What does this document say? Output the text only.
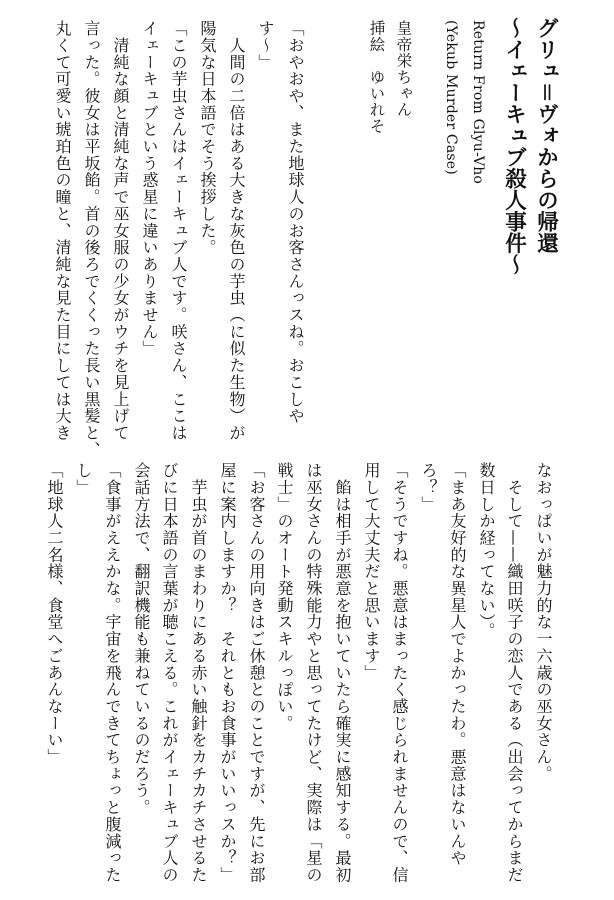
グリュ＝ヴォからの帰還
～イェーキュブ殺人事件～
Return From Glyu-Vho
(Yekub Murder Case)
皇帝栄ちゃん
挿絵　ゆいれそ
「おやおや、また地球人のお客さんっスね。おこしや
す～」
　人間の二倍はある大きな灰色の芋虫（に似た生物）が
陽気な日本語でそう挨拶した。
「この芋虫さんはイェーキュブ人です。咲さん、ここは
イェーキュブという惑星に違いありません」
　清純な顔と清純な声で巫女服の少女がウチを見上げて
言った。彼女は平坂餡。首の後ろでくくった長い黒髪と、
丸くて可愛い琥珀色の瞳と、清純な見た目にしては大き
なおっぱいが魅力的な一六歳の巫女さん。
　そして——織田咲子の恋人である（出会ってからまだ
数日しか経ってない）。
「まあ友好的な異星人でよかったわ。悪意はないんや
ろ？」
「そうですね。悪意はまったく感じられませんので、信
用して大丈夫だと思います」
　餡は相手が悪意を抱いていたら確実に感知する。最初
は巫女さんの特殊能力やと思ってたけど、実際は「星の
戦士」のオート発動スキルっぽい。
「お客さんの用向きはご休憩とのことですが、先にお部
屋に案内しますか？　それともお食事がいいっスか？」
　芋虫が首のまわりにある赤い触針をカチカチさせるた
びに日本語の言葉が聴こえる。これがイェーキュブ人の
会話方法で、翻訳機能も兼ねているのだろう。
「食事がええかな。宇宙を飛んできてちょっと腹減った
し」
「地球人二名様、食堂へごあんなーい」
